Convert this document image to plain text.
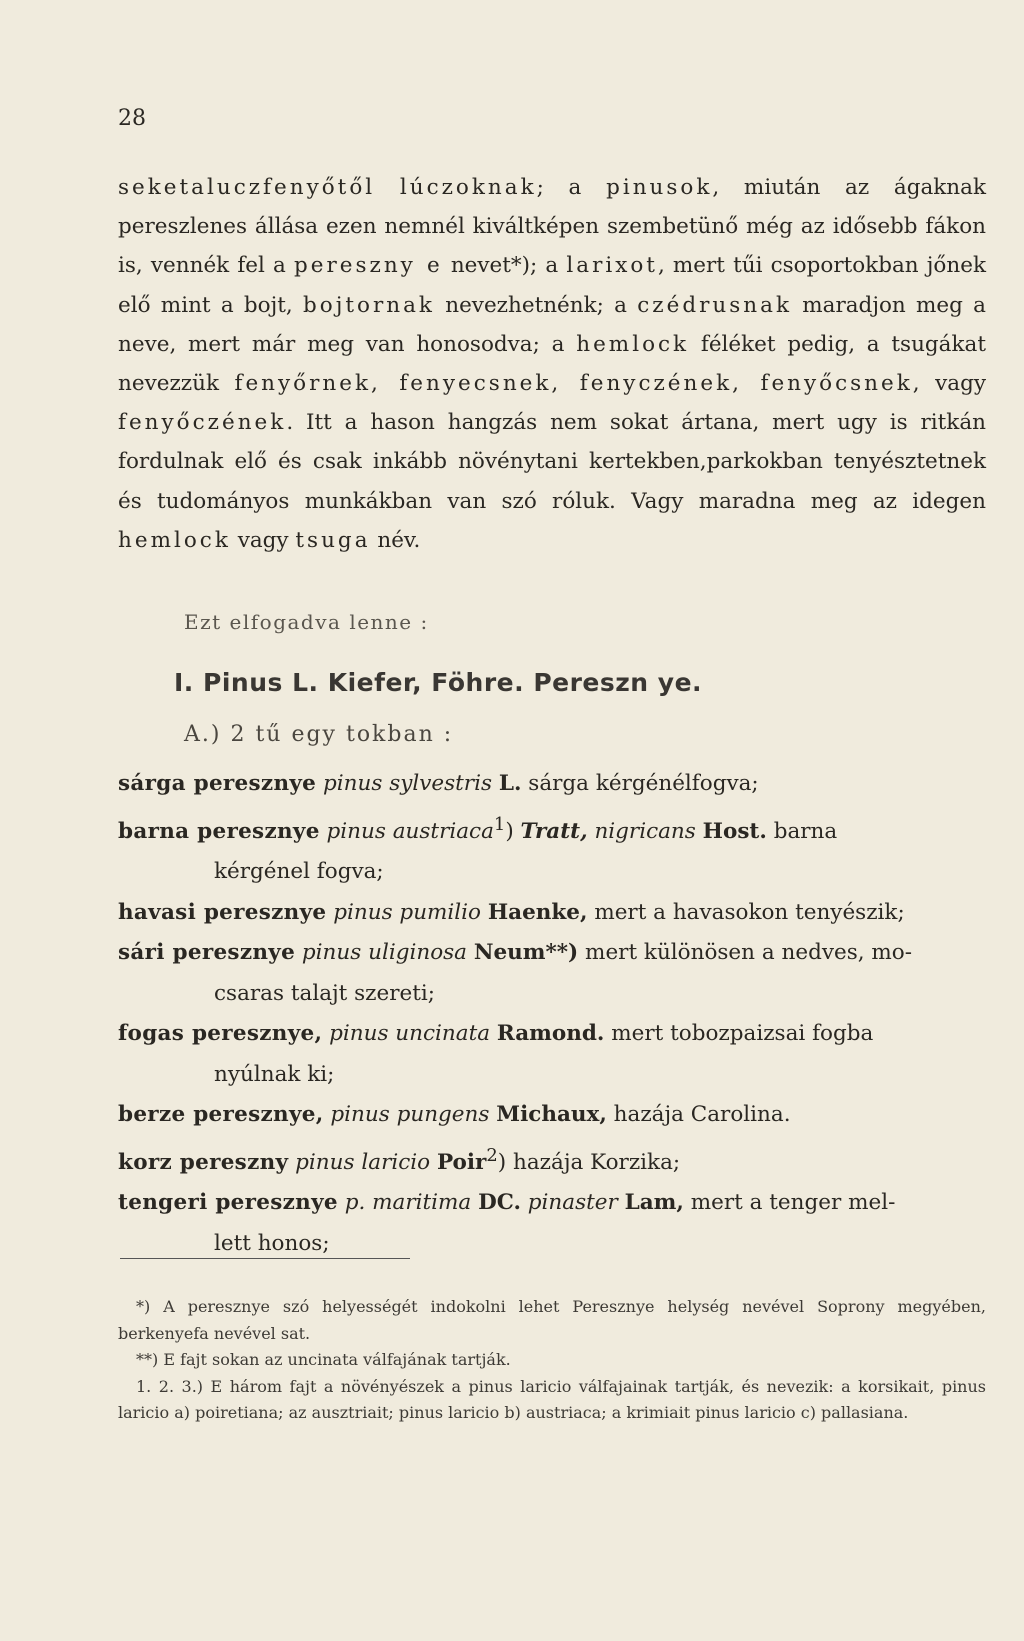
28

seketaluczfenyőtől lúczoknak; a pinusok, miután az ágaknak pereszlenes állása ezen nemnél kiváltképen szembetünő még az idősebb fákon is, vennék fel a pereszny e nevet*); a larixot, mert tűi csoportokban jőnek elő mint a bojt, bojtornak nevezhetnénk; a czédrusnak maradjon meg a neve, mert már meg van honosodva; a hemlock féléket pedig, a tsugákat nevezzük fenyőrnek, fenyecsnek, fenyczének, fenyőcsnek, vagy fenyőczének. Itt a hason hangzás nem sokat ártana, mert ugy is ritkán fordulnak elő és csak inkább növénytani kertekben,parkokban tenyésztetnek és tudományos munkákban van szó róluk. Vagy maradna meg az idegen hemlock vagy tsuga név.

Ezt elfogadva lenne :
I. Pinus L. Kiefer, Föhre. Pereszn ye.
A.) 2 tű egy tokban :

sárga peresznye pinus sylvestris L. sárga kérgénélfogva;

barna peresznye pinus austriaca$^1$) Tratt, nigricans Host. barna
kérgénel fogva;

havasi peresznye pinus pumilio Haenke, mert a havasokon tenyészik;

sári peresznye pinus uliginosa Neum**) mert különösen a nedves, mo-
csaras talajt szereti;

fogas peresznye, pinus uncinata Ramond. mert tobozpaizsai fogba
nyúlnak ki;

berze peresznye, pinus pungens Michaux, hazája Carolina.

korz pereszny pinus laricio Poir$^2$) hazája Korzika;

tengeri peresznye p. maritima DC. pinaster Lam, mert a tenger mel-
lett honos;

*) A peresznye szó helyességét indokolni lehet Peresznye helység nevével Soprony megyében, berkenyefa nevével sat.

**) E fajt sokan az uncinata válfajának tartják.

1. 2. 3.) E három fajt a növényészek a pinus laricio válfajainak tartják, és nevezik: a korsikait, pinus laricio a) poiretiana; az ausztriait; pinus laricio b) austriaca; a krimiait pinus laricio c) pallasiana.
